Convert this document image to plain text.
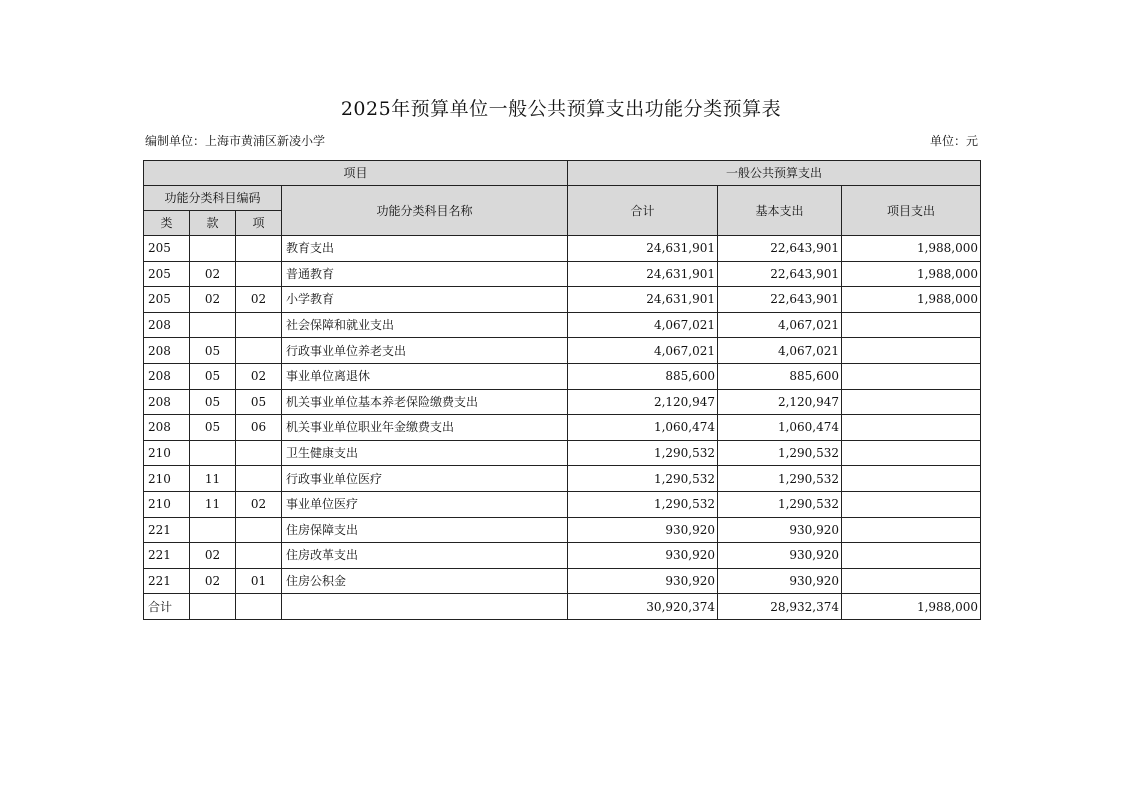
2025年预算单位一般公共预算支出功能分类预算表
编制单位：上海市黄浦区新凌小学	单位：元
项目				一般公共预算支出		
功能分类科目编码			功能分类科目名称	合计	基本支出	项目支出
类	款	项				
205			教育支出	24,631,901	22,643,901	1,988,000
205	02		普通教育	24,631,901	22,643,901	1,988,000
205	02	02	小学教育	24,631,901	22,643,901	1,988,000
208			社会保障和就业支出	4,067,021	4,067,021	
208	05		行政事业单位养老支出	4,067,021	4,067,021	
208	05	02	事业单位离退休	885,600	885,600	
208	05	05	机关事业单位基本养老保险缴费支出	2,120,947	2,120,947	
208	05	06	机关事业单位职业年金缴费支出	1,060,474	1,060,474	
210			卫生健康支出	1,290,532	1,290,532	
210	11		行政事业单位医疗	1,290,532	1,290,532	
210	11	02	事业单位医疗	1,290,532	1,290,532	
221			住房保障支出	930,920	930,920	
221	02		住房改革支出	930,920	930,920	
221	02	01	住房公积金	930,920	930,920	
合计				30,920,374	28,932,374	1,988,000
